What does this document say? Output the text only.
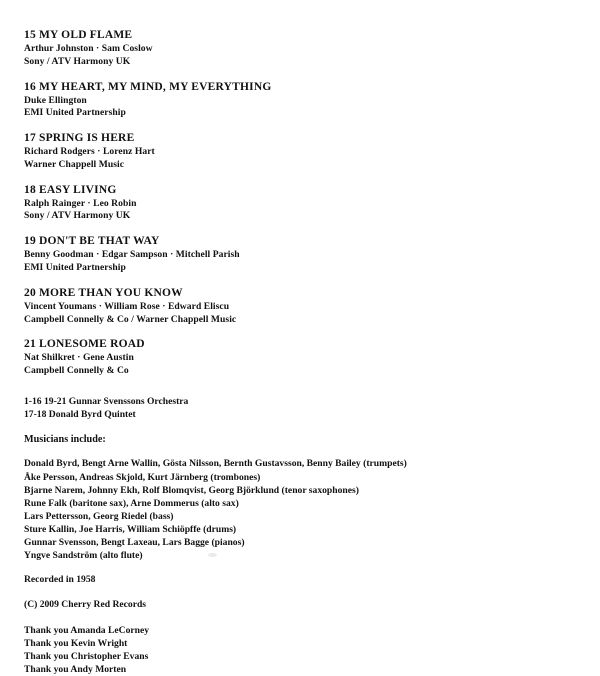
15 MY OLD FLAME

Arthur Johnston · Sam Coslow

Sony / ATV Harmony UK

16 MY HEART, MY MIND, MY EVERYTHING

Duke Ellington

EMI United Partnership

17 SPRING IS HERE

Richard Rodgers · Lorenz Hart

Warner Chappell Music

18 EASY LIVING

Ralph Rainger · Leo Robin

Sony / ATV Harmony UK

19 DON'T BE THAT WAY

Benny Goodman · Edgar Sampson · Mitchell Parish

EMI United Partnership

20 MORE THAN YOU KNOW

Vincent Youmans · William Rose · Edward Eliscu

Campbell Connelly & Co / Warner Chappell Music

21 LONESOME ROAD

Nat Shilkret · Gene Austin

Campbell Connelly & Co

1-16 19-21 Gunnar Svenssons Orchestra

17-18 Donald Byrd Quintet

Musicians include:

Donald Byrd, Bengt Arne Wallin, Gösta Nilsson, Bernth Gustavsson, Benny Bailey (trumpets)

Åke Persson, Andreas Skjold, Kurt Järnberg (trombones)

Bjarne Narem, Johnny Ekh, Rolf Blomqvist, Georg Björklund (tenor saxophones)

Rune Falk (baritone sax), Arne Dommerus (alto sax)

Lars Pettersson, Georg Riedel (bass)

Sture Kallin, Joe Harris, William Schiöpffe (drums)

Gunnar Svensson, Bengt Laxeau, Lars Bagge (pianos)

Yngve Sandström (alto flute)

Recorded in 1958

(C) 2009 Cherry Red Records

Thank you Amanda LeCorney

Thank you Kevin Wright

Thank you Christopher Evans

Thank you Andy Morten
